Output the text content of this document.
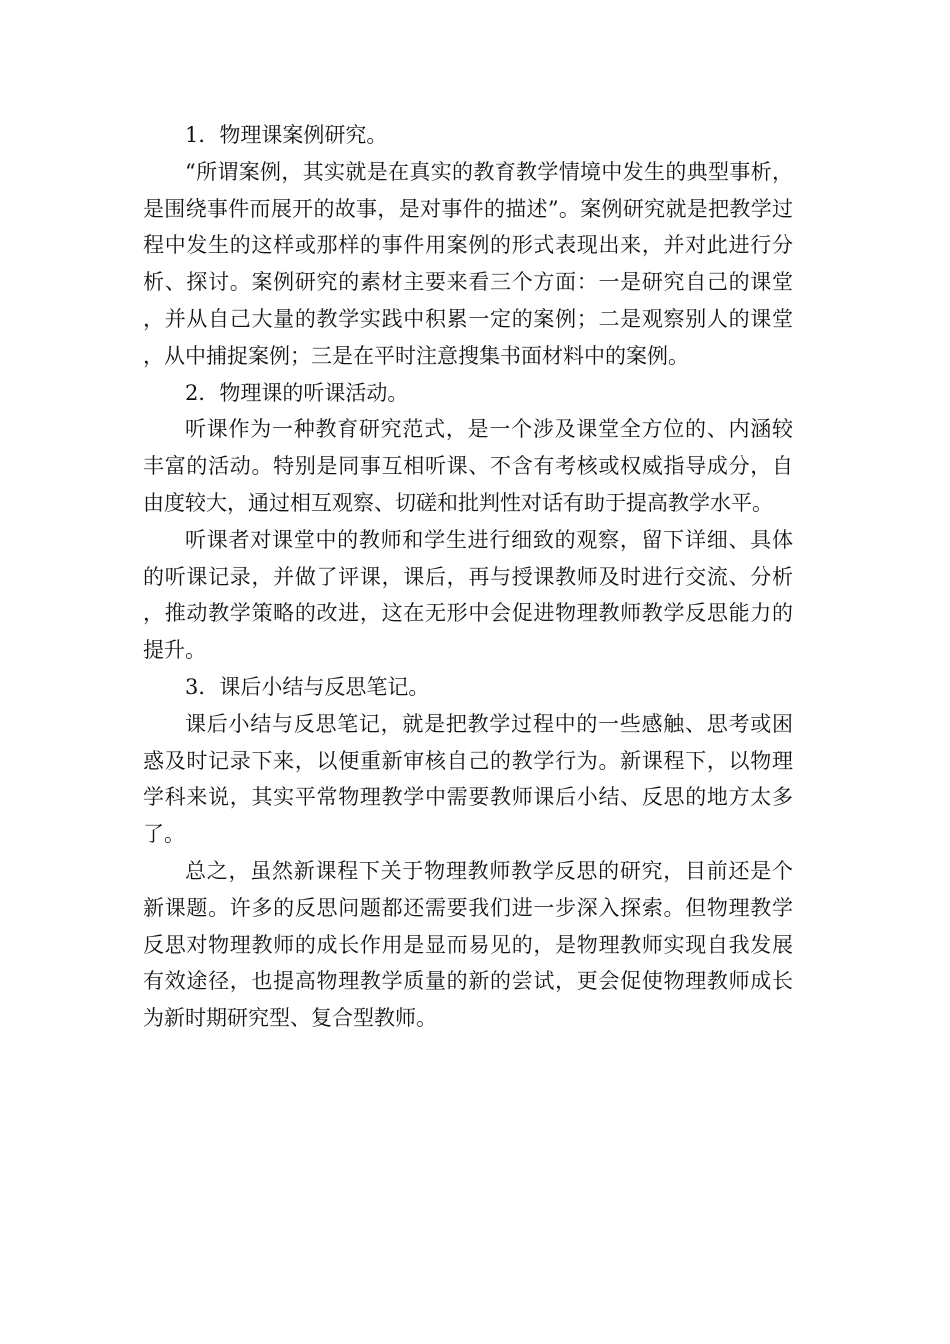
1．物理课案例研究。

“所谓案例，其实就是在真实的教育教学情境中发生的典型事析，是围绕事件而展开的故事，是对事件的描述”。案例研究就是把教学过程中发生的这样或那样的事件用案例的形式表现出来，并对此进行分析、探讨。案例研究的素材主要来看三个方面：一是研究自己的课堂，并从自己大量的教学实践中积累一定的案例；二是观察别人的课堂，从中捕捉案例；三是在平时注意搜集书面材料中的案例。

2．物理课的听课活动。

听课作为一种教育研究范式，是一个涉及课堂全方位的、内涵较丰富的活动。特别是同事互相听课、不含有考核或权威指导成分，自由度较大，通过相互观察、切磋和批判性对话有助于提高教学水平。

听课者对课堂中的教师和学生进行细致的观察，留下详细、具体的听课记录，并做了评课，课后，再与授课教师及时进行交流、分析，推动教学策略的改进，这在无形中会促进物理教师教学反思能力的提升。

3．课后小结与反思笔记。

课后小结与反思笔记，就是把教学过程中的一些感触、思考或困惑及时记录下来，以便重新审核自己的教学行为。新课程下，以物理学科来说，其实平常物理教学中需要教师课后小结、反思的地方太多了。

总之，虽然新课程下关于物理教师教学反思的研究，目前还是个新课题。许多的反思问题都还需要我们进一步深入探索。但物理教学反思对物理教师的成长作用是显而易见的，是物理教师实现自我发展有效途径，也提高物理教学质量的新的尝试，更会促使物理教师成长为新时期研究型、复合型教师。
